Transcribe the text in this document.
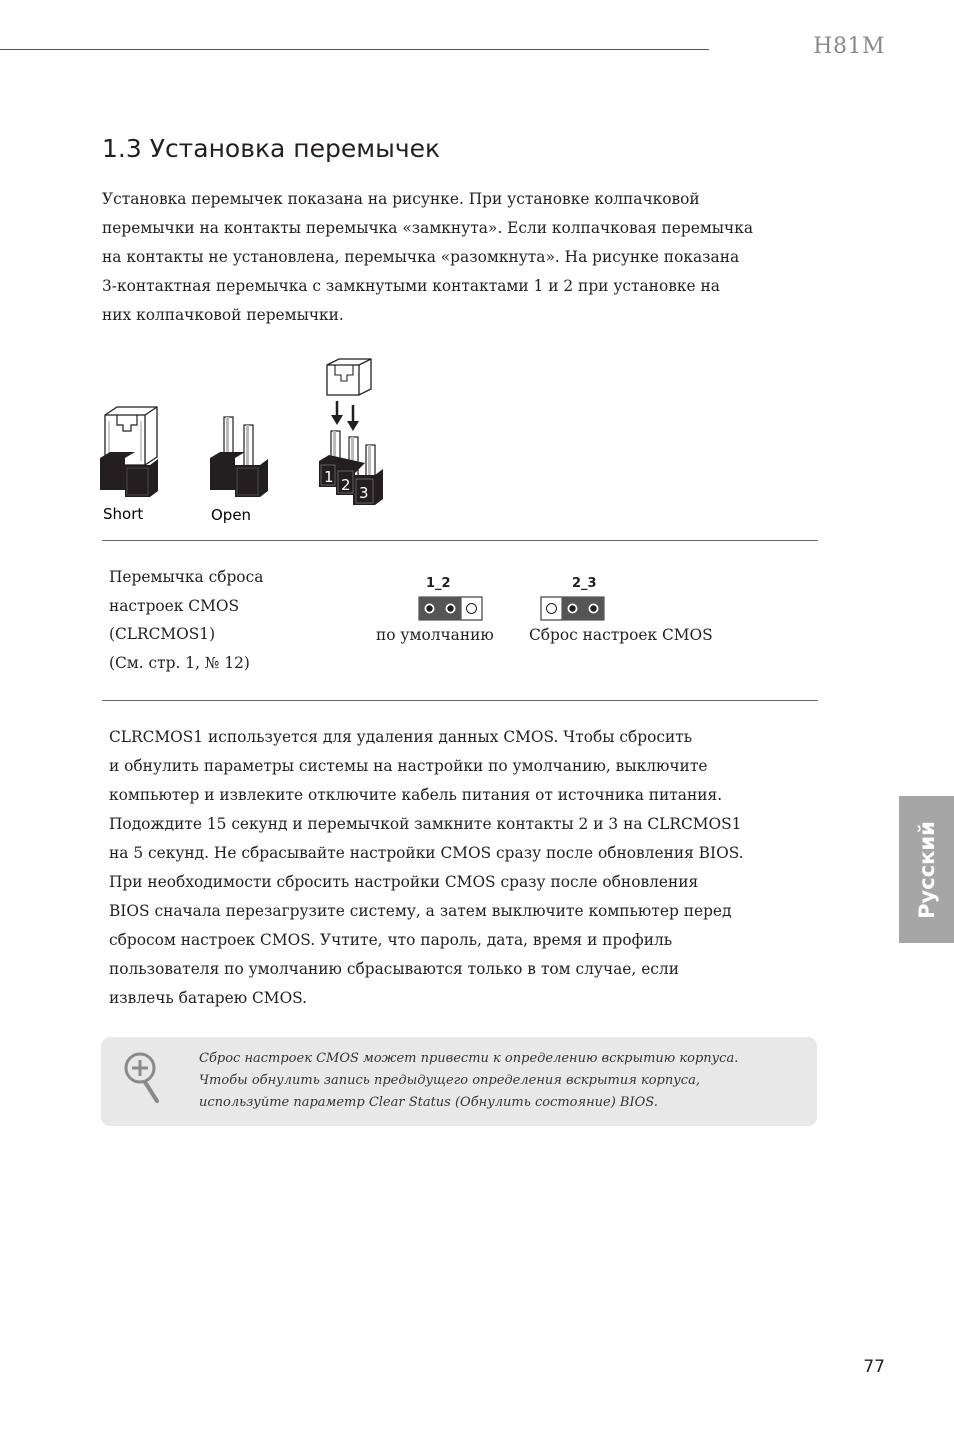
H81M
1.3 Установка перемычек

Установка перемычек показана на рисунке. При установке колпачковой

перемычки на контакты перемычка «замкнута». Если колпачковая перемычка

на контакты не установлена, перемычка «разомкнута». На рисунке показана

3-контактная перемычка с замкнутыми контактами 1 и 2 при установке на

них колпачковой перемычки.

Short	Open
1 2 3
Перемычка сброса
настроек CMOS
(CLRCMOS1)
(См. стр. 1, № 12)
1_2
по умолчанию
2_3
Сброс настроек CMOS
CLRCMOS1 используется для удаления данных CMOS. Чтобы сбросить
и обнулить параметры системы на настройки по умолчанию, выключите
компьютер и извлеките отключите кабель питания от источника питания.
Подождите 15 секунд и перемычкой замкните контакты 2 и 3 на CLRCMOS1
на 5 секунд. Не сбрасывайте настройки CMOS сразу после обновления BIOS.
При необходимости сбросить настройки CMOS сразу после обновления
BIOS сначала перезагрузите систему, а затем выключите компьютер перед
сбросом настроек CMOS. Учтите, что пароль, дата, время и профиль
пользователя по умолчанию сбрасываются только в том случае, если
извлечь батарею CMOS.
Сброс настроек CMOS может привести к определению вскрытию корпуса.
Чтобы обнулить запись предыдущего определения вскрытия корпуса,
используйте параметр Clear Status (Обнулить состояние) BIOS.
Русский
77
